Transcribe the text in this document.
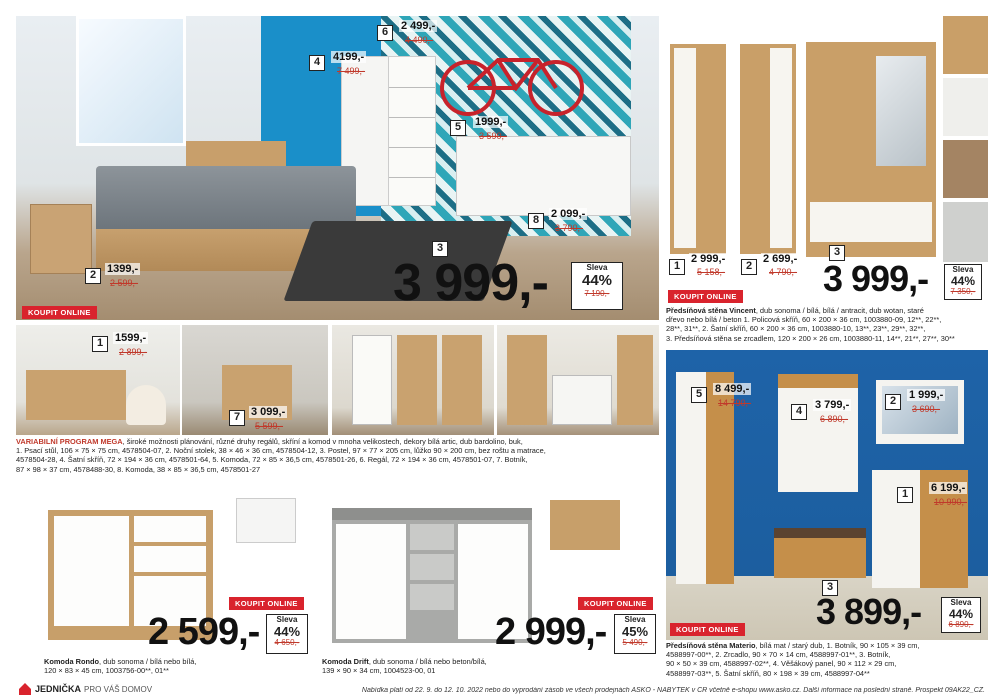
2 1399,-
2 599,-
3
4	4199,-
7 499,-
6	2 499,-
4 490,-
5	1999,-
3 590,-
8	2 099,-
3 790,-
3 999,-	Sleva
44%
7 190,-
KOUPIT ONLINE
1	1599,-
2 899,-
7 3 099,-
5 599,-
VARIABILNÍ PROGRAM MEGA, široké možnosti plánování, různé druhy regálů, skříní a komod v mnoha velikostech, dekory bílá artic, dub bardolino, buk,
1. Psací stůl, 106 × 75 × 75 cm, 4578504-07, 2. Noční stolek, 38 × 46 × 36 cm, 4578504-12, 3. Postel, 97 × 77 × 205 cm, lůžko 90 × 200 cm, bez roštu a matrace,
4578504-28, 4. Šatní skříň, 72 × 194 × 36 cm, 4578501-64, 5. Komoda, 72 × 85 × 36,5 cm, 4578501-26, 6. Regál, 72 × 194 × 36 cm, 4578501-07, 7. Botník,
87 × 98 × 37 cm, 4578488-30, 8. Komoda, 38 × 85 × 36,5 cm, 4578501-27
KOUPIT ONLINE
2 599,-	Sleva
44%
4 650,-
Komoda Rondo, dub sonoma / bílá nebo bílá,
120 × 83 × 45 cm, 1003756-00**, 01**
KOUPIT ONLINE
2 999,-	Sleva
45%
5 490,-
Komoda Drift, dub sonoma / bílá nebo beton/bílá,
139 × 90 × 34 cm, 1004523-00, 01
1
2 999,-
5 158,-	2
2 699,-
4 790,-
3
3 999,-	Sleva
44%
7 350,-
KOUPIT ONLINE
Předsíňová stěna Vincent, dub sonoma / bílá, bílá / antracit, dub wotan, staré
dřevo nebo bílá / beton 1. Policová skříň, 60 × 200 × 36 cm, 1003880-09, 12**, 22**,
28**, 31**, 2. Šatní skříň, 60 × 200 × 36 cm, 1003880-10, 13**, 23**, 29**, 32**,
3. Předsíňová stěna se zrcadlem, 120 × 200 × 26 cm, 1003880-11, 14**, 21**, 27**, 30**
5	8 499,-
14 790,-
4	3 799,-
6 890,-
2	1 999,-
3 690,-
1	6 199,-
10 990,-
3
3 899,-	Sleva
44%
6 890,-
KOUPIT ONLINE
Předsíňová stěna Materio, bílá mat / starý dub, 1. Botník, 90 × 105 × 39 cm,
4588997-00**, 2. Zrcadlo, 90 × 70 × 14 cm, 4588997-01**, 3. Botník,
90 × 50 × 39 cm, 4588997-02**, 4. Věšákový panel, 90 × 112 × 29 cm,
4588997-03**, 5. Šatní skříň, 80 × 198 × 39 cm, 4588997-04**
JEDNIČKA PRO VÁŠ DOMOV	Nabídka platí od 22. 9. do 12. 10. 2022 nebo do vyprodání zásob ve všech prodejnách ASKO - NÁBYTEK v ČR včetně e-shopu www.asko.cz. Další informace na poslední straně. Prospekt 09AK22_CZ.
